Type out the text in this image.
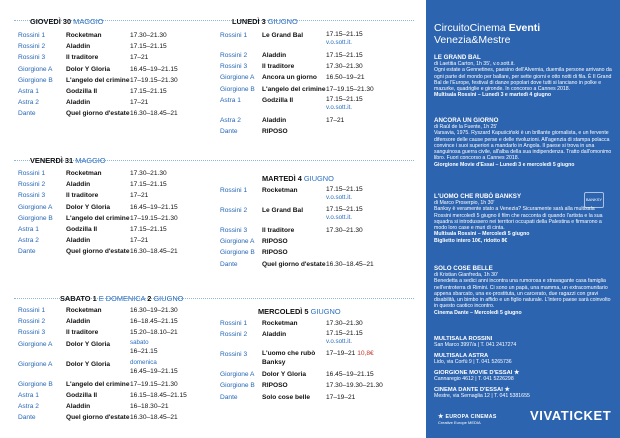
GIOVEDÌ 30 MAGGIO
Rossini 1	Rocketman	17.30–21.30
Rossini 2	Aladdin	17.15–21.15
Rossini 3	Il traditore	17–21
Giorgione A Dolor Y Gloria	16.45–19–21.15
Giorgione B L'angelo del crimine 17–19.15–21.30
Astra 1	Godzilla II	17.15–21.15
Astra 2	Aladdin	17–21
Dante	Quel giorno d'estate 16.30–18.45–21
LUNEDÌ 3 GIUGNO
Rossini 1 Le Grand Bal	17.15–21.15
v.o.sott.it.
Rossini 2 Aladdin	17.15–21.15
Rossini 3 Il traditore	17.30–21.30
Giorgione A Ancora un giorno 16.50–19–21
Giorgione B L'angelo del crimine 17–19.15–21.30
Astra 1	Godzilla II	17.15–21.15
v.o.sott.it.
Astra 2	Aladdin	17–21
Dante	RIPOSO
VENERDÌ 31 MAGGIO
Rossini 1	Rocketman	17.30–21.30
Rossini 2	Aladdin	17.15–21.15
Rossini 3	Il traditore	17–21
Giorgione A Dolor Y Gloria	16.45–19–21.15
Giorgione B L'angelo del crimine 17–19.15–21.30
Astra 1	Godzilla II	17.15–21.15
Astra 2	Aladdin	17–21
Dante	Quel giorno d'estate 16.30–18.45–21
MARTEDÌ 4 GIUGNO
Rossini 1 Rocketman	17.15–21.15
v.o.sott.it.
Rossini 2 Le Grand Bal	17.15–21.15
v.o.sott.it.
Rossini 3 Il traditore	17.30–21.30
Giorgione A RIPOSO
Giorgione B RIPOSO
Dante	Quel giorno d'estate 16.30–18.45–21
SABATO 1 E DOMENICA 2 GIUGNO
Rossini 1	Rocketman	16.30–19–21.30
Rossini 2	Aladdin	16–18.45–21.15
Rossini 3	Il traditore	15.20–18.10–21
Giorgione A Dolor Y Gloria	sabato
16–21.15
Giorgione A Dolor Y Gloria	domenica
16.45–19–21.15
Giorgione B L'angelo del crimine 17–19.15–21.30
Astra 1	Godzilla II	16.15–18.45–21.15
Astra 2	Aladdin	16–18.30–21
Dante	Quel giorno d'estate 16.30–18.45–21
MERCOLEDÌ 5 GIUGNO
Rossini 1 Rocketman	17.30–21.30
Rossini 2 Aladdin	17.15–21.15
v.o.sott.it.
Rossini 3 L'uomo che rubò Banksy
17–19–21 10,8€
Giorgione A Dolor Y Gloria	16.45–19–21.15
Giorgione B RIPOSO	17.30–19.30–21.30
Dante	Solo cose belle 17–19–21
CircuitoCinema Eventi
Venezia&Mestre
LE GRAND BAL
di Laetitia Carton, 1h 35', v.o.sott.it.
Ogni estate a Gennetines, paesino dell'Alvernia, duemila persone arrivano da ogni parte del mondo per ballare, per sette giorni e otto notti di fila. È Il Grand Bal de l'Europe, festival di danze popolari dove tutti si lanciano in polke e mazurke, quadriglie e gironde. In concorso a Cannes 2018.
Multisala Rossini – Lunedì 3 e martedì 4 giugno
ANCORA UN GIORNO
di Raúl de la Fuente, 1h 25'
Varsavia, 1975. Ryszard Kapuściński è un brillante giornalista, e un fervente difensore delle cause perse e delle rivoluzioni. All'agenzia di stampa polacca convince i suoi superiori a mandarlo in Angola. Il paese si trova in una sanguinosa guerra civile, all'alba della sua indipendenza. Tratto dall'omonimo libro. Fuori concorso a Cannes 2018.
Giorgione Movie d'Essai – Lunedì 3 e mercoledì 5 giugno
BANKSY
L'UOMO CHE RUBÒ BANKSY
di Marco Proserpio, 1h 30'
Banksy è veramente stato a Venezia? Sicuramente sarà alla multisala Rossini mercoledì 5 giugno il film che racconta di quando l'artista e la sua squadra si introdussero nei territori occupati della Palestina e firmarono a modo loro case e muri di cinta.
Multisala Rossini – Mercoledì 5 giugno
Biglietto intero 10€, ridotto 8€
SOLO COSE BELLE
di Kristian Gianfreda, 1h 30'
Benedetta a sedici anni incontra una rumorosa e stravagante casa famiglia nell'entroterra di Rimini. Ci sono un papà, una mamma, un extracomunitario appena sbarcato, una ex-prostituta, un carcerato, due ragazzi con gravi disabilità, un bimbo in affido e un figlio naturale. L'intero paese sarà coinvolto in questo caotico incontro.
Cinema Dante – Mercoledì 5 giugno
MULTISALA ROSSINI
San Marco 3997/a | T. 041 2417274
MULTISALA ASTRA
Lido, via Corfù 9 | T. 041 5265736
GIORGIONE MOVIE D'ESSAI ★
Cannaregio 4612 | T. 041 5226298
CINEMA DANTE D'ESSAI ★
Mestre, via Sernaglia 12 | T. 041 5381655
★ EUROPA CINEMAS
Creative Europe MEDIA	VIVATICKET
